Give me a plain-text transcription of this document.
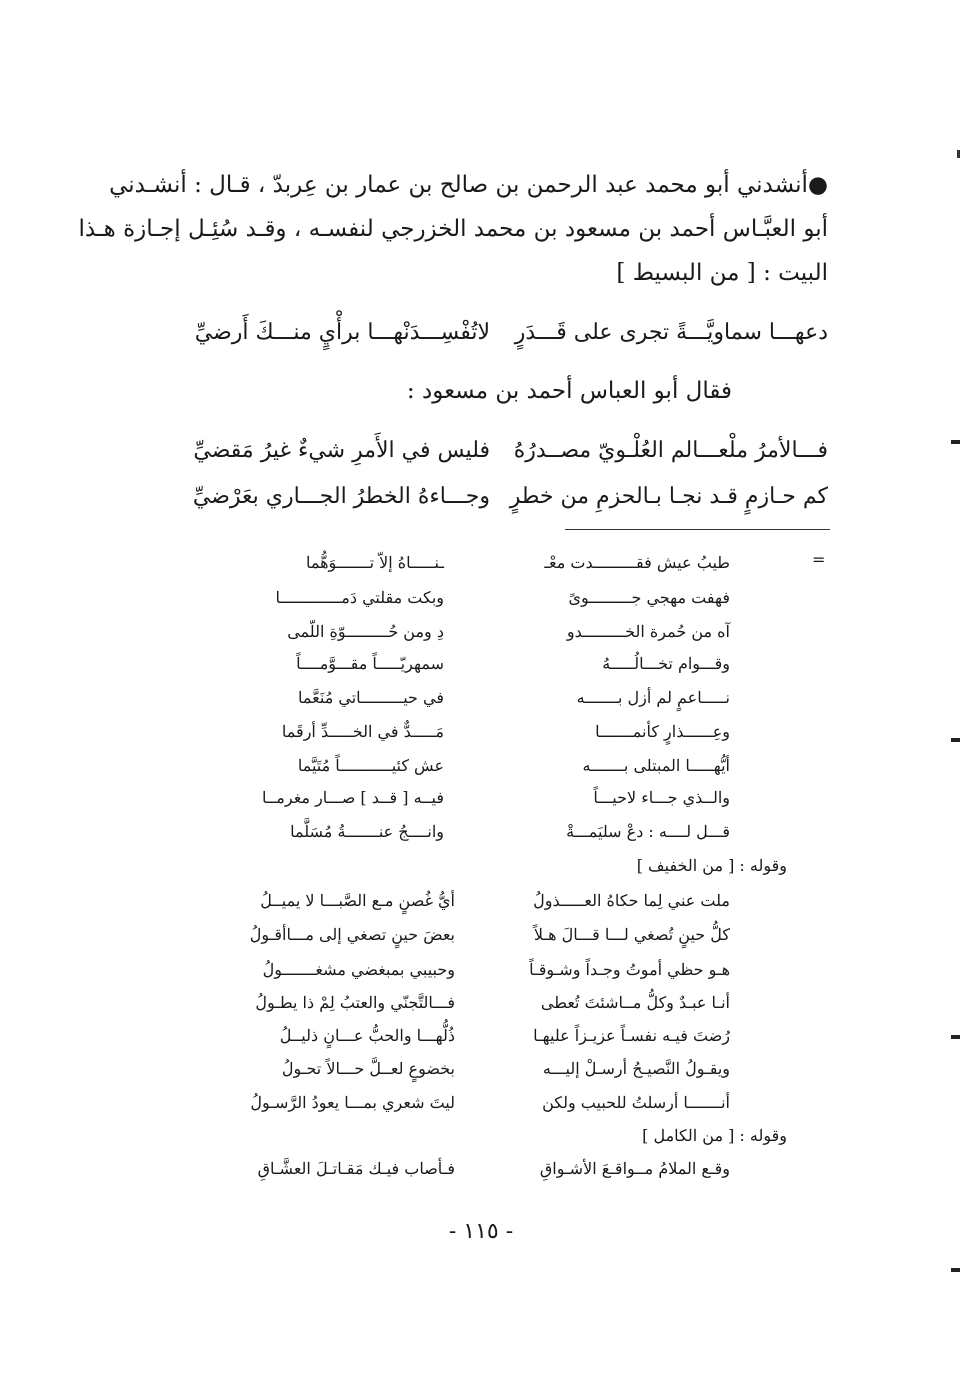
●أنشدني أبو محمد عبد الرحمن بن صالح بن عمار بن عِربدّ ، قـال : أنشـدني
أبو العبَّـاس أحمد بن مسعود بن محمد الخزرجي لنفسـه ، وقـد سُئِـل إجـازة هـذا
البيت : [ من البسيط ]
دعهـــا سماويَّـــةً تجرى على قَـــدَرٍ
لاتُفْسِـــدَنْهـــا برأْيٍ منـــكَ أَرضيِّ
فقال أبو العباس أحمد بن مسعود :
فـــالأمرُ ملْعـــالم العُلْـويّ مصــدرُهُ
فليس في الأَمرِ شيءٌ غيرُ مَقضيِّ
كم حـازمٍ قـد نجـا بـالحزمِ من خطرٍ
وجـــاءهُ الخطرُ الجـــاري بعَرْضيِّ
=
طيبُ عيش فقـــــــــدت معْـ
ـنـــــاهُ إلاّ تـــــــوَهُّما
فهفت مهجي جـــــــــوىً
وبكت مقلتي دَمـــــــــــــا
آه من حُمرة الخـــــــــدو
دِ ومن حُـــــــــوّةِ اللّمى
وقـــوام تخـــالُـــــهُ
سمهريّـــــاً مقـــوَّمــــاً
نـــــاعمٍ لم أزل بـــــــه
في حيـــــــــاتي مُنَعَّما
وعِــــــذارٍ كأنمـــــــا
مَـــــدٌّ في الخـــــدِّ أرقَما
أيُّهـــــا المبتلى بـــــــه
عش كئيـــــــــــاً مُتَيَّما
والــذي جـــاء لاحيـــاً
فيــه [ قــد ] صـــار مغرمــا
قـــل لــــه : دعْ سليَمـــةْ
وانــــجُ عنـــــــةُ مُسَلَّما
وقوله : [ من الخفيف ]
ملت عني لِما حكاهُ العـــــذولُ
أيُّ غُصنٍ مـع الصَّبـــا لا يميــلُ
كلُّ حينٍ تُصغي لـــا قـــالَ هـلاً
بعضَ حينٍ تصغي إلى مـــاأقـولُ
هـو حظي أموتُ وجـداً وشـوقـاً
وحبيبي بمبغضي مشغـــــــولُ
أنـا عبـدٌ وكلُّ مــاشئتَ تُعطى
فـــالتَّجنّي والعتبُ لِمْ ذا يطـولُ
رُضتَ فيـه نفسـاً عزيـزاً عليهـا
ذُلُّهـــا والحبُّ عـــانٍ ذليــلُ
ويقـولُ النَّصيـحُ أرسـلْ إليـــه
بخضوعٍ لعــلَّ حـــالاً تحـولُ
أنـــــــا أرسلتُ للحبيب ولكن
ليتَ شعري بمـــا يعودُ الرَّسـولُ
وقوله : [ من الكامل ]
وقـع الملامُ مــواقـعَ الأشـواقِ
فـأصاب فيـك مَقـاتـلَ العشَّـاقِ
- ١١٥ -
